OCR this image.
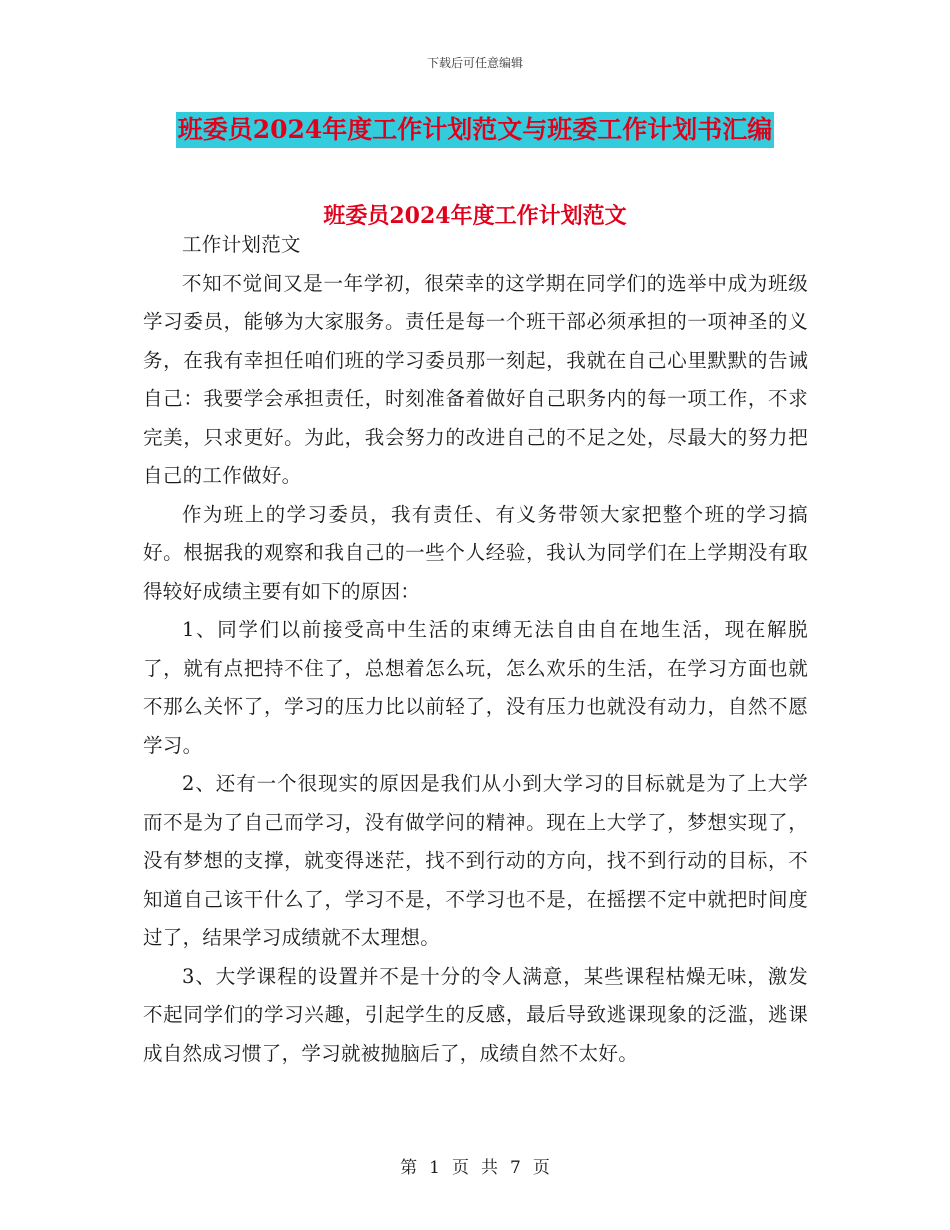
下载后可任意编辑
班委员2024年度工作计划范文与班委工作计划书汇编
班委员2024年度工作计划范文

工作计划范文

不知不觉间又是一年学初，很荣幸的这学期在同学们的选举中成为班级学习委员，能够为大家服务。责任是每一个班干部必须承担的一项神圣的义务，在我有幸担任咱们班的学习委员那一刻起，我就在自己心里默默的告诫自己：我要学会承担责任，时刻准备着做好自己职务内的每一项工作，不求完美，只求更好。为此，我会努力的改进自己的不足之处，尽最大的努力把自己的工作做好。

作为班上的学习委员，我有责任、有义务带领大家把整个班的学习搞好。根据我的观察和我自己的一些个人经验，我认为同学们在上学期没有取得较好成绩主要有如下的原因：

1、同学们以前接受高中生活的束缚无法自由自在地生活，现在解脱了，就有点把持不住了，总想着怎么玩，怎么欢乐的生活，在学习方面也就不那么关怀了，学习的压力比以前轻了，没有压力也就没有动力，自然不愿学习。

2、还有一个很现实的原因是我们从小到大学习的目标就是为了上大学而不是为了自己而学习，没有做学问的精神。现在上大学了，梦想实现了，没有梦想的支撑，就变得迷茫，找不到行动的方向，找不到行动的目标，不知道自己该干什么了，学习不是，不学习也不是，在摇摆不定中就把时间度过了，结果学习成绩就不太理想。

3、大学课程的设置并不是十分的令人满意，某些课程枯燥无味，激发不起同学们的学习兴趣，引起学生的反感，最后导致逃课现象的泛滥，逃课成自然成习惯了，学习就被抛脑后了，成绩自然不太好。

第 1 页 共 7 页
